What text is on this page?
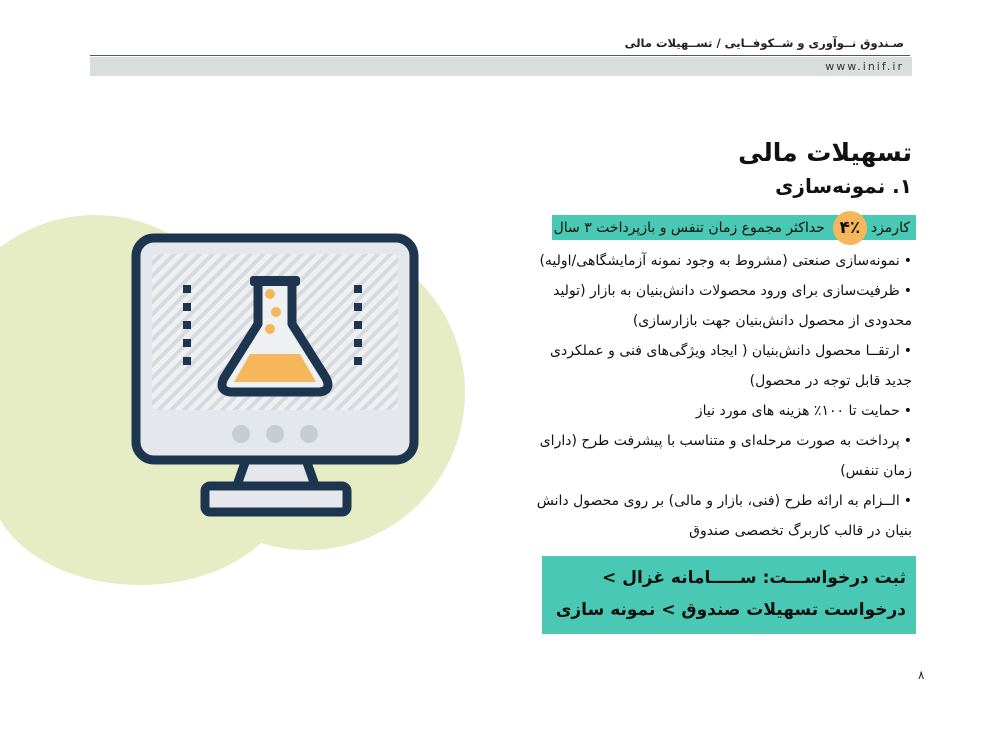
صـندوق نــوآوری و شــکوفــایی / تســهیلات مالی
www.inif.ir
تسهیلات مالی
۱. نمونه‌سازی
کارمزد
۴٪
حداکثر مجموع زمان تنفس و بازپرداخت ۳ سال
•نمونه‌سازی صنعتی (مشروط به وجود نمونه آزمایشگاهی/اولیه)
•ظرفیت‌سازی برای ورود محصولات دانش‌بنیان به بازار (تولید محدودی از محصول دانش‌بنیان جهت بازارسازی)
•ارتقــا محصول دانش‌بنیان ( ایجاد ویژگی‌های فنی و عملکردی جدید قابل توجه در محصول)
•حمایت تا ۱۰۰٪ هزینه های مورد نیاز
•پرداخت به صورت مرحله‌ای و متناسب با پیشرفت طرح (دارای زمان تنفس)
•الــزام به ارائه طرح (فنی، بازار و مالی) بر روی محصول دانش بنیان در قالب کاربرگ تخصصی صندوق
ثبت درخواســـت: ســـــامانه غزال > درخواست تسهیلات صندوق > نمونه سازی
۸
